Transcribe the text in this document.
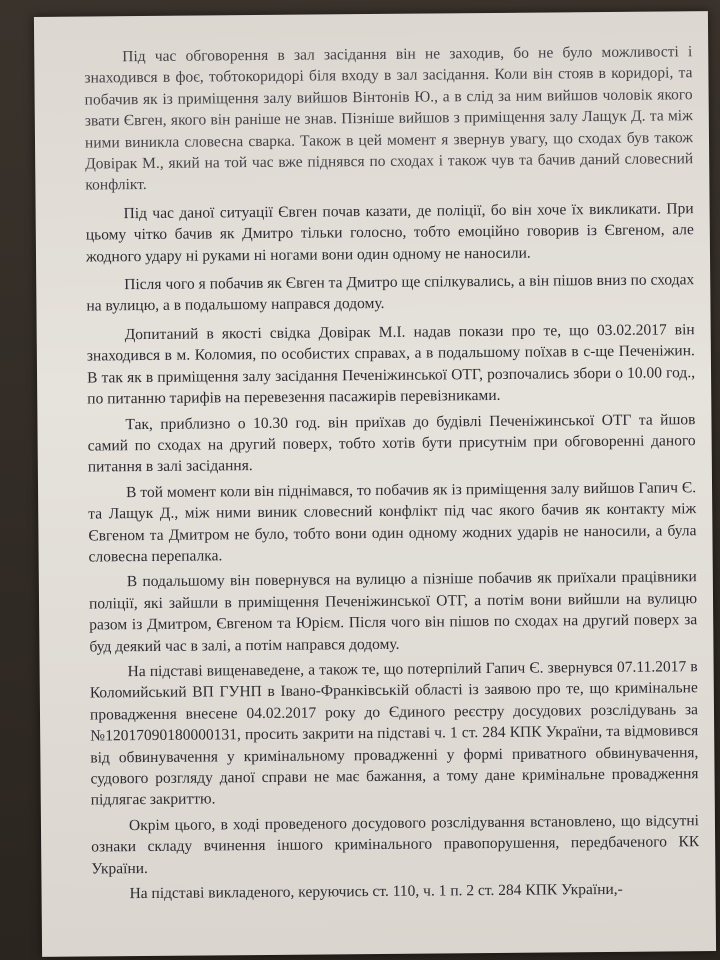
Під час обговорення в зал засідання він не заходив, бо не було можливості і знаходився в фоє, тобтокоридорі біля входу в зал засідання. Коли він стояв в коридорі, та побачив як із приміщення залу вийшов Вінтонів Ю., а в слід за ним вийшов чоловік якого звати Євген, якого він раніше не знав. Пізніше вийшов з приміщення залу Лащук Д. та між ними виникла словесна сварка. Також в цей момент я звернув увагу, що сходах був також Довірак М., який на той час вже піднявся по сходах і також чув та бачив даний словесний конфлікт.

Під час даної ситуації Євген почав казати, де поліції, бо він хоче їх викликати. При цьому чітко бачив як Дмитро тільки голосно, тобто емоційно говорив із Євгеном, але жодного удару ні руками ні ногами вони один одному не наносили.

Після чого я побачив як Євген та Дмитро ще спілкувались, а він пішов вниз по сходах на вулицю, а в подальшому направся додому.

Допитаний в якості свідка Довірак М.І. надав покази про те, що 03.02.2017 він знаходився в м. Коломия, по особистих справах, а в подальшому поїхав в с-ще Печеніжин. В так як в приміщення залу засідання Печеніжинської ОТГ, розпочались збори о 10.00 год., по питанню тарифів на перевезення пасажирів перевізниками.

Так, приблизно о 10.30 год. він приїхав до будівлі Печеніжинської ОТГ та йшов самий по сходах на другий поверх, тобто хотів бути присутнім при обговоренні даного питання в залі засідання.

В той момент коли він піднімався, то побачив як із приміщення залу вийшов Гапич Є. та Лащук Д., між ними виник словесний конфлікт під час якого бачив як контакту між Євгеном та Дмитром не було, тобто вони один одному жодних ударів не наносили, а була словесна перепалка.

В подальшому він повернувся на вулицю а пізніше побачив як приїхали працівники поліції, які зайшли в приміщення Печеніжинської ОТГ, а потім вони вийшли на вулицю разом із Дмитром, Євгеном та Юрієм. Після чого він пішов по сходах на другий поверх за буд деякий час в залі, а потім направся додому.

На підставі вищенаведене, а також те, що потерпілий Гапич Є. звернувся 07.11.2017 в Коломийський ВП ГУНП в Івано-Франківській області із заявою про те, що кримінальне провадження внесене 04.02.2017 року до Єдиного реєстру досудових розслідувань за №12017090180000131, просить закрити на підставі ч. 1 ст. 284 КПК України, та відмовився від обвинувачення у кримінальному провадженні у формі приватного обвинувачення, судового розгляду даної справи не має бажання, а тому дане кримінальне провадження підлягає закриттю.

Окрім цього, в ході проведеного досудового розслідування встановлено, що відсутні ознаки складу вчинення іншого кримінального правопорушення, передбаченого КК України.

На підставі викладеного, керуючись ст. 110, ч. 1 п. 2 ст. 284 КПК України,-
